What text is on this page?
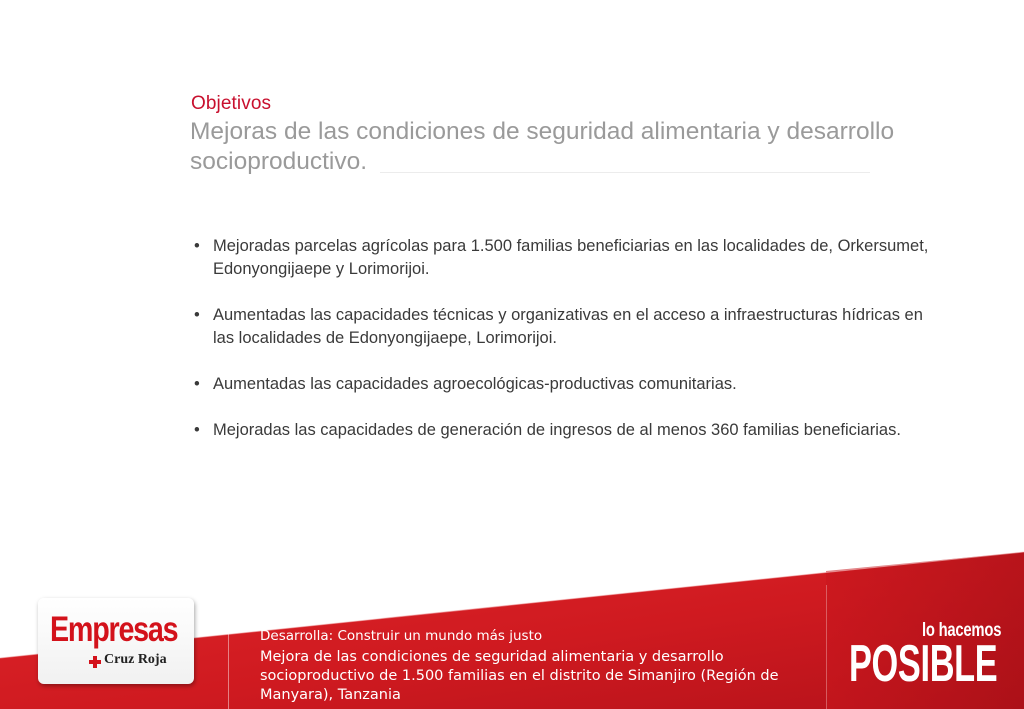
Objetivos
Mejoras de las condiciones de seguridad alimentaria y desarrollo socioproductivo.
• Mejoradas parcelas agrícolas para 1.500 familias beneficiarias en las localidades de, Orkersumet, Edonyongijaepe y Lorimorijoi.
• Aumentadas las capacidades técnicas y organizativas en el acceso a infraestructuras hídricas en las localidades de Edonyongijaepe, Lorimorijoi.
• Aumentadas las capacidades agroecológicas-productivas comunitarias.
• Mejoradas las capacidades de generación de ingresos de al menos 360 familias beneficiarias.
Empresas
Cruz Roja
Desarrolla: Construir un mundo más justo
Mejora de las condiciones de seguridad alimentaria y desarrollo socioproductivo de 1.500 familias en el distrito de Simanjiro (Región de Manyara), Tanzania
lo hacemos
POSIBLE
